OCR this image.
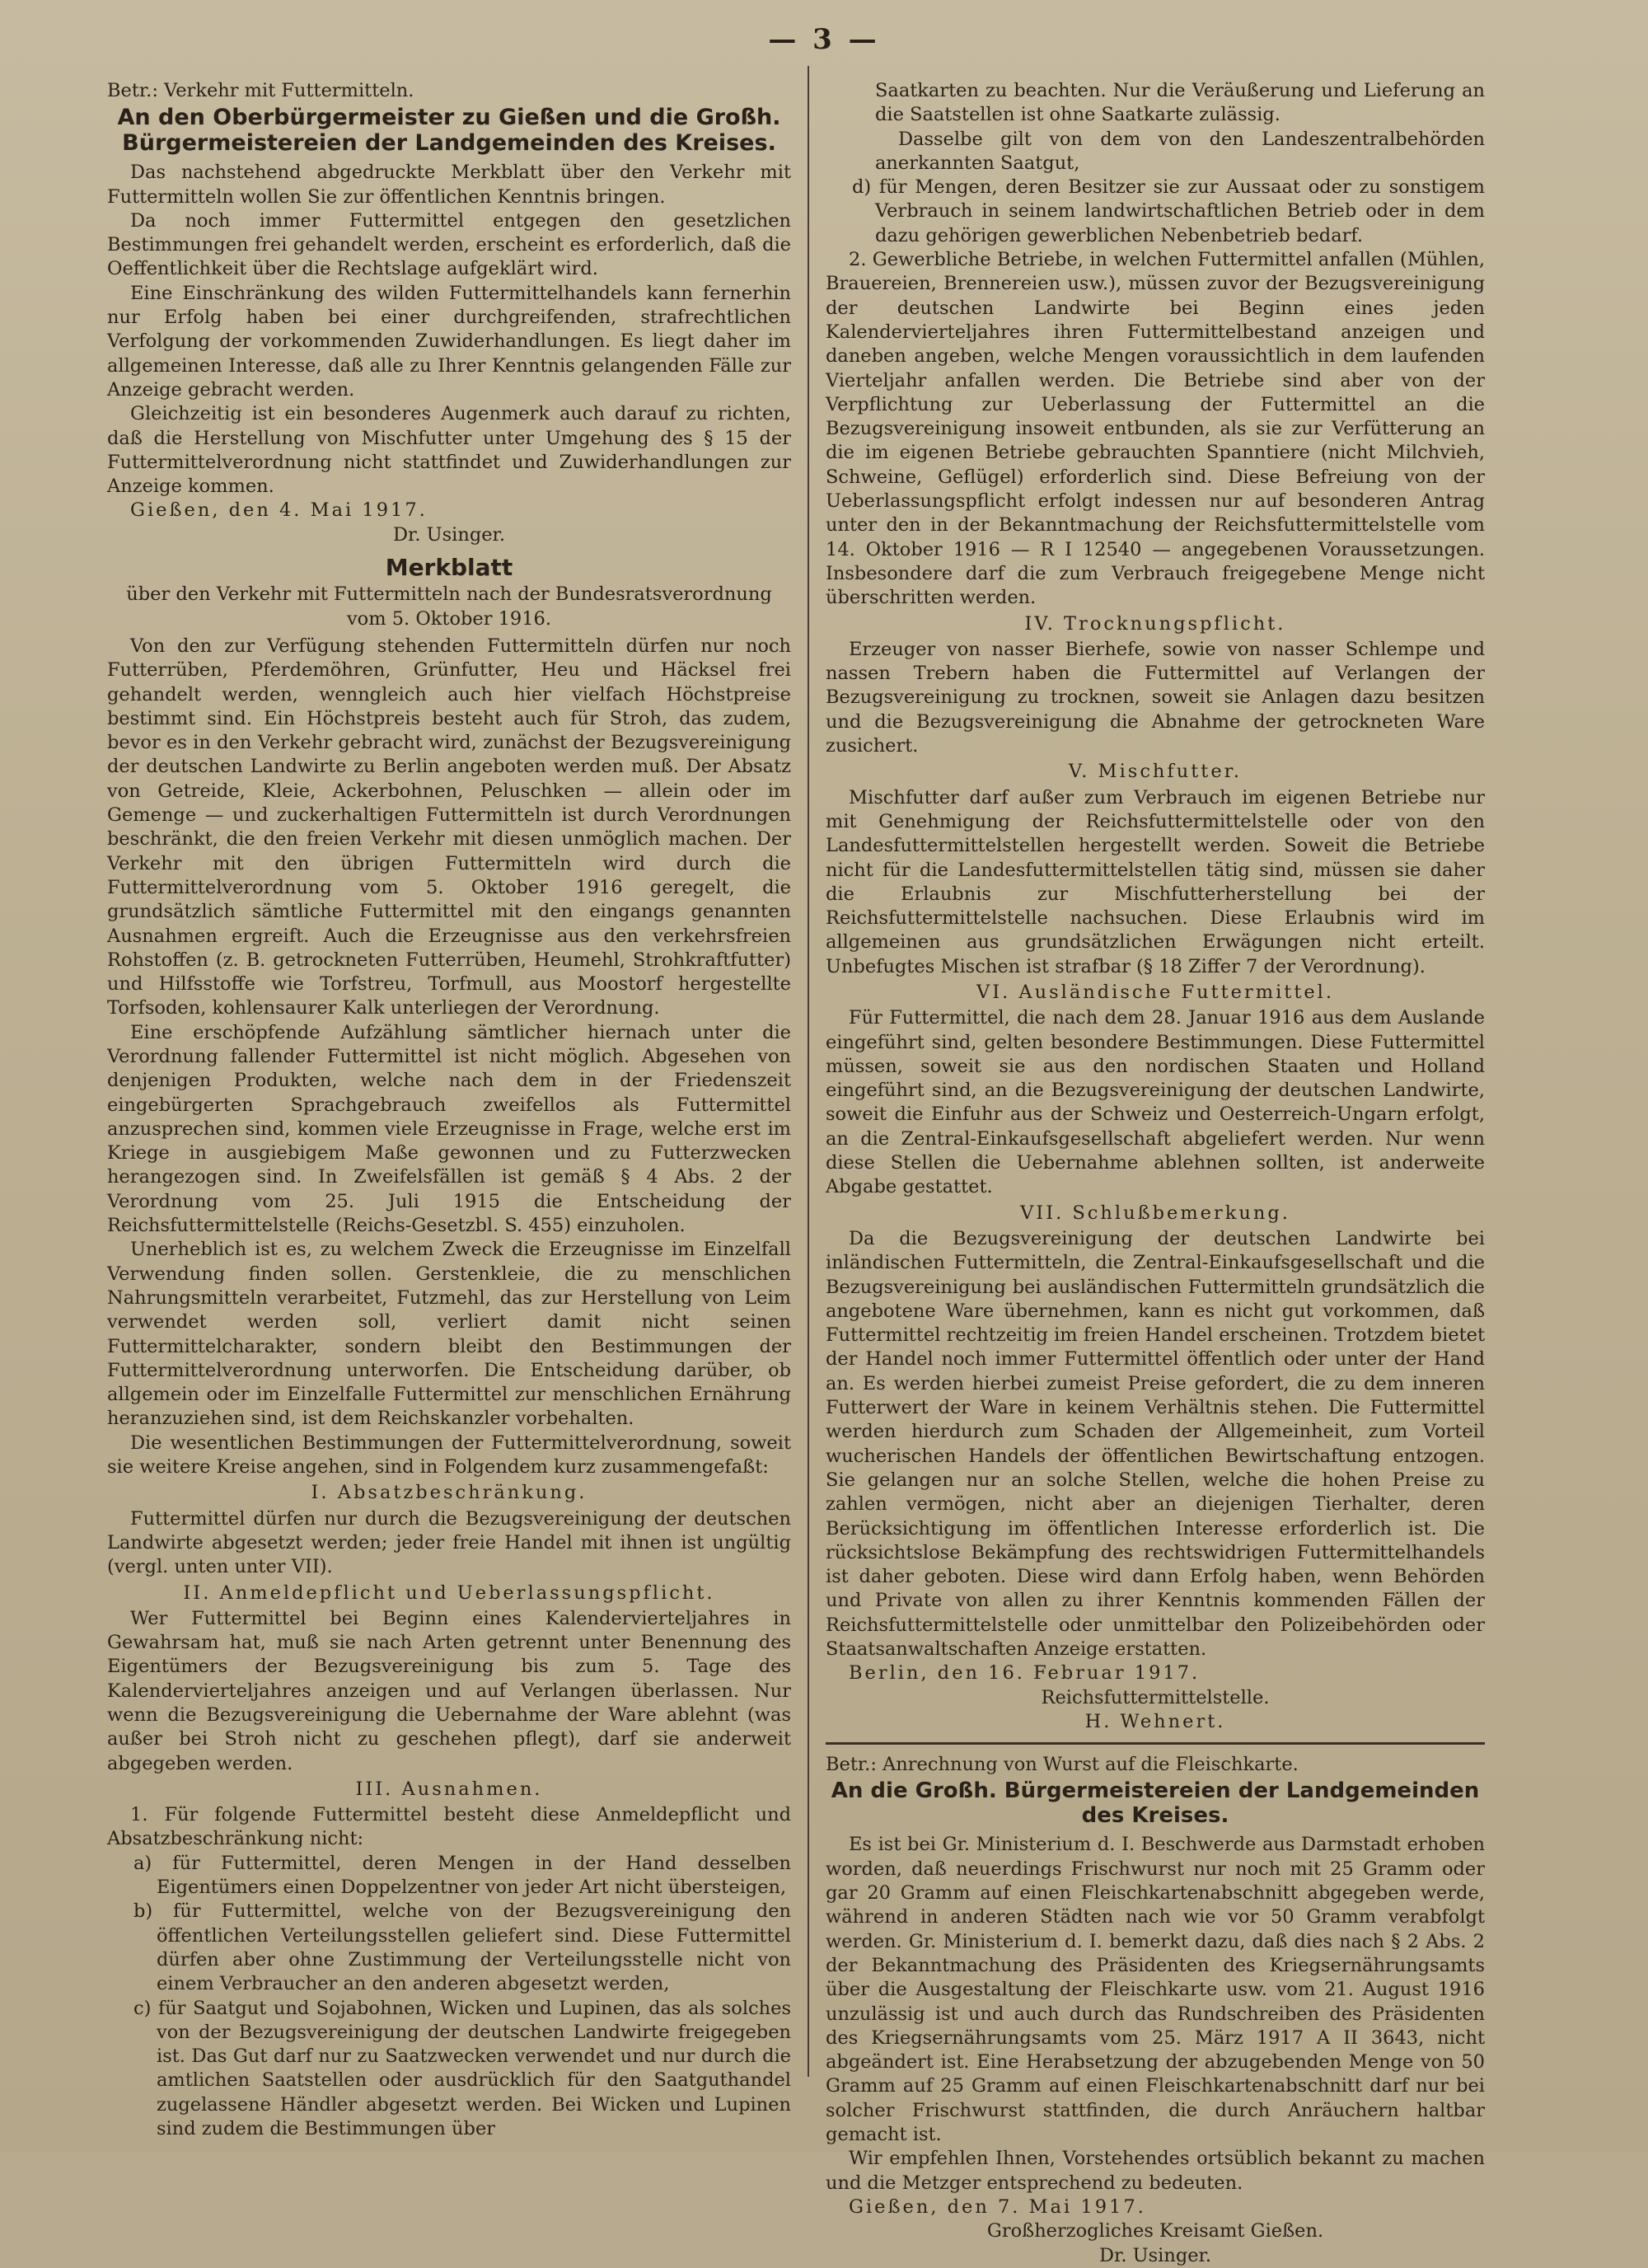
— 3 —

Betr.: Verkehr mit Futtermitteln.

An den Oberbürgermeister zu Gießen und die Großh. Bürgermeistereien der Landgemeinden des Kreises.

Das nachstehend abgedruckte Merkblatt über den Verkehr mit Futtermitteln wollen Sie zur öffentlichen Kenntnis bringen.

Da noch immer Futtermittel entgegen den gesetzlichen Bestimmungen frei gehandelt werden, erscheint es erforderlich, daß die Oeffentlichkeit über die Rechtslage aufgeklärt wird.

Eine Einschränkung des wilden Futtermittelhandels kann fernerhin nur Erfolg haben bei einer durchgreifenden, strafrechtlichen Verfolgung der vorkommenden Zuwiderhandlungen. Es liegt daher im allgemeinen Interesse, daß alle zu Ihrer Kenntnis gelangenden Fälle zur Anzeige gebracht werden.

Gleichzeitig ist ein besonderes Augenmerk auch darauf zu richten, daß die Herstellung von Mischfutter unter Umgehung des § 15 der Futtermittelverordnung nicht stattfindet und Zuwiderhandlungen zur Anzeige kommen.

Gießen, den 4. Mai 1917.

Dr. Usinger.

Merkblatt
über den Verkehr mit Futtermitteln nach der Bundesratsverordnung vom 5. Oktober 1916.

Von den zur Verfügung stehenden Futtermitteln dürfen nur noch Futterrüben, Pferdemöhren, Grünfutter, Heu und Häcksel frei gehandelt werden, wenngleich auch hier vielfach Höchstpreise bestimmt sind. Ein Höchstpreis besteht auch für Stroh, das zudem, bevor es in den Verkehr gebracht wird, zunächst der Bezugsvereinigung der deutschen Landwirte zu Berlin angeboten werden muß. Der Absatz von Getreide, Kleie, Ackerbohnen, Peluschken — allein oder im Gemenge — und zuckerhaltigen Futtermitteln ist durch Verordnungen beschränkt, die den freien Verkehr mit diesen unmöglich machen. Der Verkehr mit den übrigen Futtermitteln wird durch die Futtermittelverordnung vom 5. Oktober 1916 geregelt, die grundsätzlich sämtliche Futtermittel mit den eingangs genannten Ausnahmen ergreift. Auch die Erzeugnisse aus den verkehrsfreien Rohstoffen (z. B. getrockneten Futterrüben, Heumehl, Strohkraftfutter) und Hilfsstoffe wie Torfstreu, Torfmull, aus Moostorf hergestellte Torfsoden, kohlensaurer Kalk unterliegen der Verordnung.

Eine erschöpfende Aufzählung sämtlicher hiernach unter die Verordnung fallender Futtermittel ist nicht möglich. Abgesehen von denjenigen Produkten, welche nach dem in der Friedenszeit eingebürgerten Sprachgebrauch zweifellos als Futtermittel anzusprechen sind, kommen viele Erzeugnisse in Frage, welche erst im Kriege in ausgiebigem Maße gewonnen und zu Futterzwecken herangezogen sind. In Zweifelsfällen ist gemäß § 4 Abs. 2 der Verordnung vom 25. Juli 1915 die Entscheidung der Reichsfuttermittelstelle (Reichs-Gesetzbl. S. 455) einzuholen.

Unerheblich ist es, zu welchem Zweck die Erzeugnisse im Einzelfall Verwendung finden sollen. Gerstenkleie, die zu menschlichen Nahrungsmitteln verarbeitet, Futzmehl, das zur Herstellung von Leim verwendet werden soll, verliert damit nicht seinen Futtermittelcharakter, sondern bleibt den Bestimmungen der Futtermittelverordnung unterworfen. Die Entscheidung darüber, ob allgemein oder im Einzelfalle Futtermittel zur menschlichen Ernährung heranzuziehen sind, ist dem Reichskanzler vorbehalten.

Die wesentlichen Bestimmungen der Futtermittelverordnung, soweit sie weitere Kreise angehen, sind in Folgendem kurz zusammengefaßt:

I. Absatzbeschränkung.

Futtermittel dürfen nur durch die Bezugsvereinigung der deutschen Landwirte abgesetzt werden; jeder freie Handel mit ihnen ist ungültig (vergl. unten unter VII).

II. Anmeldepflicht und Ueberlassungspflicht.

Wer Futtermittel bei Beginn eines Kalendervierteljahres in Gewahrsam hat, muß sie nach Arten getrennt unter Benennung des Eigentümers der Bezugsvereinigung bis zum 5. Tage des Kalendervierteljahres anzeigen und auf Verlangen überlassen. Nur wenn die Bezugsvereinigung die Uebernahme der Ware ablehnt (was außer bei Stroh nicht zu geschehen pflegt), darf sie anderweit abgegeben werden.

III. Ausnahmen.

1. Für folgende Futtermittel besteht diese Anmeldepflicht und Absatzbeschränkung nicht:

a) für Futtermittel, deren Mengen in der Hand desselben Eigentümers einen Doppelzentner von jeder Art nicht übersteigen,

b) für Futtermittel, welche von der Bezugsvereinigung den öffentlichen Verteilungsstellen geliefert sind. Diese Futtermittel dürfen aber ohne Zustimmung der Verteilungsstelle nicht von einem Verbraucher an den anderen abgesetzt werden,

c) für Saatgut und Sojabohnen, Wicken und Lupinen, das als solches von der Bezugsvereinigung der deutschen Landwirte freigegeben ist. Das Gut darf nur zu Saatzwecken verwendet und nur durch die amtlichen Saatstellen oder ausdrücklich für den Saatguthandel zugelassene Händler abgesetzt werden. Bei Wicken und Lupinen sind zudem die Bestimmungen über

Saatkarten zu beachten. Nur die Veräußerung und Lieferung an die Saatstellen ist ohne Saatkarte zulässig.

Dasselbe gilt von dem von den Landeszentralbehörden anerkannten Saatgut,

d) für Mengen, deren Besitzer sie zur Aussaat oder zu sonstigem Verbrauch in seinem landwirtschaftlichen Betrieb oder in dem dazu gehörigen gewerblichen Nebenbetrieb bedarf.

2. Gewerbliche Betriebe, in welchen Futtermittel anfallen (Mühlen, Brauereien, Brennereien usw.), müssen zuvor der Bezugsvereinigung der deutschen Landwirte bei Beginn eines jeden Kalendervierteljahres ihren Futtermittelbestand anzeigen und daneben angeben, welche Mengen voraussichtlich in dem laufenden Vierteljahr anfallen werden. Die Betriebe sind aber von der Verpflichtung zur Ueberlassung der Futtermittel an die Bezugsvereinigung insoweit entbunden, als sie zur Verfütterung an die im eigenen Betriebe gebrauchten Spanntiere (nicht Milchvieh, Schweine, Geflügel) erforderlich sind. Diese Befreiung von der Ueberlassungspflicht erfolgt indessen nur auf besonderen Antrag unter den in der Bekanntmachung der Reichsfuttermittelstelle vom 14. Oktober 1916 — R I 12540 — angegebenen Voraussetzungen. Insbesondere darf die zum Verbrauch freigegebene Menge nicht überschritten werden.

IV. Trocknungspflicht.

Erzeuger von nasser Bierhefe, sowie von nasser Schlempe und nassen Trebern haben die Futtermittel auf Verlangen der Bezugsvereinigung zu trocknen, soweit sie Anlagen dazu besitzen und die Bezugsvereinigung die Abnahme der getrockneten Ware zusichert.

V. Mischfutter.

Mischfutter darf außer zum Verbrauch im eigenen Betriebe nur mit Genehmigung der Reichsfuttermittelstelle oder von den Landesfuttermittelstellen hergestellt werden. Soweit die Betriebe nicht für die Landesfuttermittelstellen tätig sind, müssen sie daher die Erlaubnis zur Mischfutterherstellung bei der Reichsfuttermittelstelle nachsuchen. Diese Erlaubnis wird im allgemeinen aus grundsätzlichen Erwägungen nicht erteilt. Unbefugtes Mischen ist strafbar (§ 18 Ziffer 7 der Verordnung).

VI. Ausländische Futtermittel.

Für Futtermittel, die nach dem 28. Januar 1916 aus dem Auslande eingeführt sind, gelten besondere Bestimmungen. Diese Futtermittel müssen, soweit sie aus den nordischen Staaten und Holland eingeführt sind, an die Bezugsvereinigung der deutschen Landwirte, soweit die Einfuhr aus der Schweiz und Oesterreich-Ungarn erfolgt, an die Zentral-Einkaufsgesellschaft abgeliefert werden. Nur wenn diese Stellen die Uebernahme ablehnen sollten, ist anderweite Abgabe gestattet.

VII. Schlußbemerkung.

Da die Bezugsvereinigung der deutschen Landwirte bei inländischen Futtermitteln, die Zentral-Einkaufsgesellschaft und die Bezugsvereinigung bei ausländischen Futtermitteln grundsätzlich die angebotene Ware übernehmen, kann es nicht gut vorkommen, daß Futtermittel rechtzeitig im freien Handel erscheinen. Trotzdem bietet der Handel noch immer Futtermittel öffentlich oder unter der Hand an. Es werden hierbei zumeist Preise gefordert, die zu dem inneren Futterwert der Ware in keinem Verhältnis stehen. Die Futtermittel werden hierdurch zum Schaden der Allgemeinheit, zum Vorteil wucherischen Handels der öffentlichen Bewirtschaftung entzogen. Sie gelangen nur an solche Stellen, welche die hohen Preise zu zahlen vermögen, nicht aber an diejenigen Tierhalter, deren Berücksichtigung im öffentlichen Interesse erforderlich ist. Die rücksichtslose Bekämpfung des rechtswidrigen Futtermittelhandels ist daher geboten. Diese wird dann Erfolg haben, wenn Behörden und Private von allen zu ihrer Kenntnis kommenden Fällen der Reichsfuttermittelstelle oder unmittelbar den Polizeibehörden oder Staatsanwaltschaften Anzeige erstatten.

Berlin, den 16. Februar 1917.

Reichsfuttermittelstelle.

H. Wehnert.

Betr.: Anrechnung von Wurst auf die Fleischkarte.

An die Großh. Bürgermeistereien der Landgemeinden des Kreises.

Es ist bei Gr. Ministerium d. I. Beschwerde aus Darmstadt erhoben worden, daß neuerdings Frischwurst nur noch mit 25 Gramm oder gar 20 Gramm auf einen Fleischkartenabschnitt abgegeben werde, während in anderen Städten nach wie vor 50 Gramm verabfolgt werden. Gr. Ministerium d. I. bemerkt dazu, daß dies nach § 2 Abs. 2 der Bekanntmachung des Präsidenten des Kriegsernährungsamts über die Ausgestaltung der Fleischkarte usw. vom 21. August 1916 unzulässig ist und auch durch das Rundschreiben des Präsidenten des Kriegsernährungsamts vom 25. März 1917 A II 3643, nicht abgeändert ist. Eine Herabsetzung der abzugebenden Menge von 50 Gramm auf 25 Gramm auf einen Fleischkartenabschnitt darf nur bei solcher Frischwurst stattfinden, die durch Anräuchern haltbar gemacht ist.

Wir empfehlen Ihnen, Vorstehendes ortsüblich bekannt zu machen und die Metzger entsprechend zu bedeuten.

Gießen, den 7. Mai 1917.

Großherzogliches Kreisamt Gießen.

Dr. Usinger.
